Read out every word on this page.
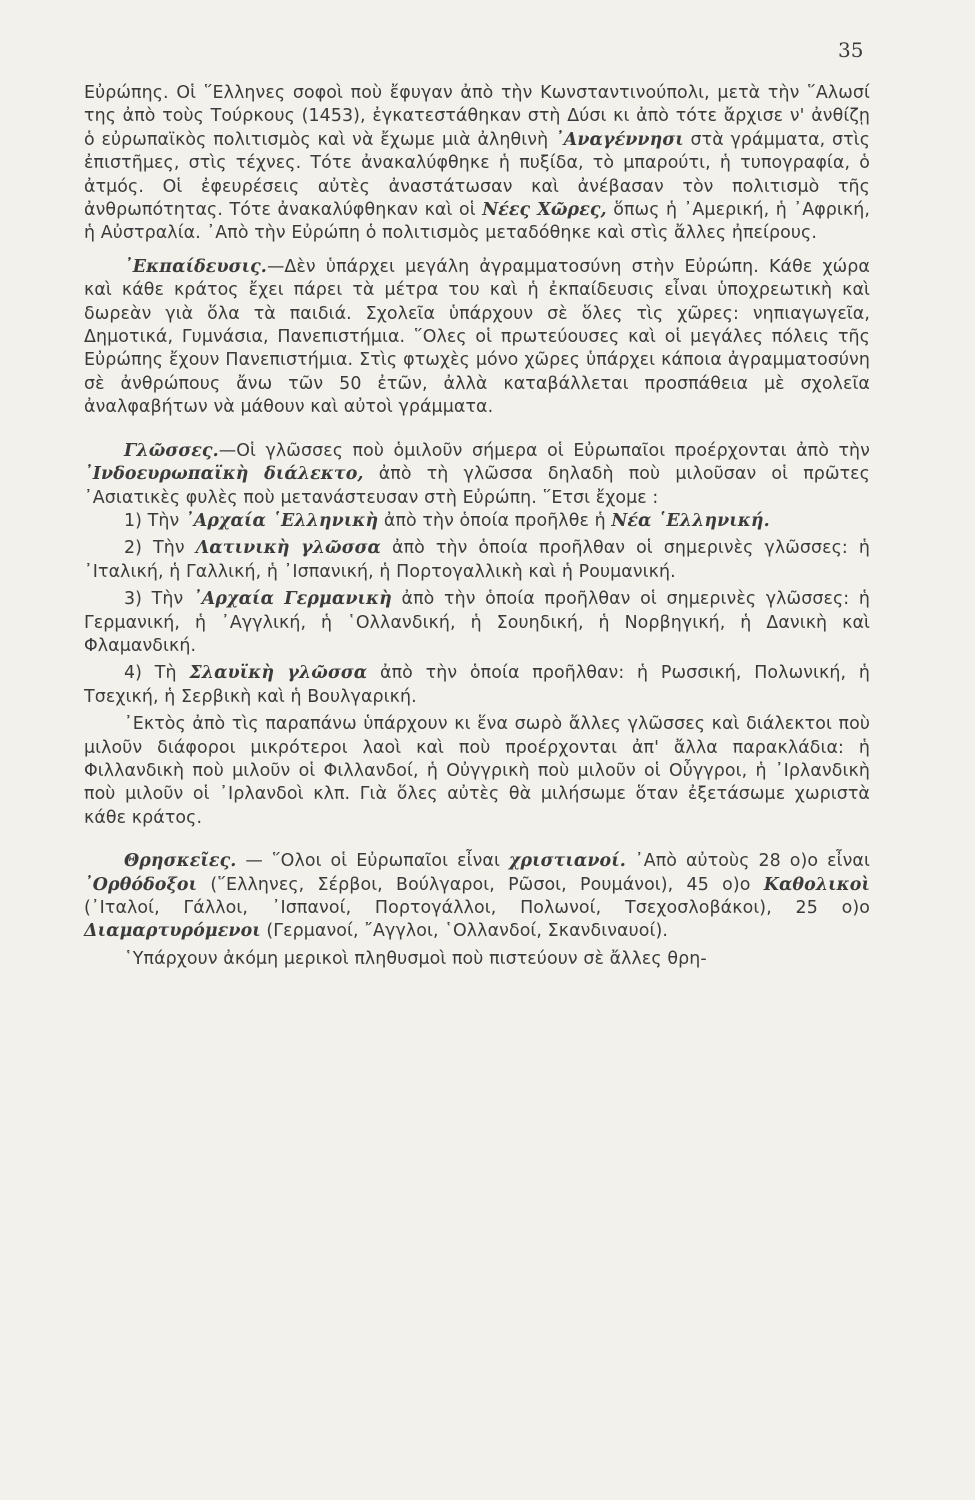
35

Εὐρώπης. Οἱ ῞Ελληνες σοφοὶ ποὺ ἔφυγαν ἀπὸ τὴν Κωνσταντινούπολι, μετὰ τὴν ῞Αλωσί της ἀπὸ τοὺς Τούρκους (1453), ἐγκατεστάθηκαν στὴ Δύσι κι ἀπὸ τότε ἄρχισε ν' ἀνθίζῃ ὁ εὐρωπαϊκὸς πολιτισμὸς καὶ νὰ ἔχωμε μιὰ ἀληθινὴ ᾽Αναγέννησι στὰ γράμματα, στὶς ἐπιστῆμες, στὶς τέχνες. Τότε ἀνακαλύφθηκε ἡ πυξίδα, τὸ μπαρούτι, ἡ τυπογραφία, ὁ ἀτμός. Οἱ ἐφευρέσεις αὐτὲς ἀναστάτωσαν καὶ ἀνέβασαν τὸν πολιτισμὸ τῆς ἀνθρωπότητας. Τότε ἀνακαλύφθηκαν καὶ οἱ Νέες Χῶρες, ὅπως ἡ ᾽Αμερική, ἡ ᾽Αφρική, ἡ Αὐστραλία. ᾽Απὸ τὴν Εὐρώπη ὁ πολιτισμὸς μεταδόθηκε καὶ στὶς ἄλλες ἠπείρους.

᾽Εκπαίδευσις.—Δὲν ὑπάρχει μεγάλη ἀγραμματοσύνη στὴν Εὐρώπη. Κάθε χώρα καὶ κάθε κράτος ἔχει πάρει τὰ μέτρα του καὶ ἡ ἐκπαίδευσις εἶναι ὑποχρεωτικὴ καὶ δωρεὰν γιὰ ὅλα τὰ παιδιά. Σχολεῖα ὑπάρχουν σὲ ὅλες τὶς χῶρες: νηπιαγωγεῖα, Δημοτικά, Γυμνάσια, Πανεπιστήμια. ῞Ολες οἱ πρωτεύουσες καὶ οἱ μεγάλες πόλεις τῆς Εὐρώπης ἔχουν Πανεπιστήμια. Στὶς φτωχὲς μόνο χῶρες ὑπάρχει κάποια ἀγραμματοσύνη σὲ ἀνθρώπους ἄνω τῶν 50 ἐτῶν, ἀλλὰ καταβάλλεται προσπάθεια μὲ σχολεῖα ἀναλφαβήτων νὰ μάθουν καὶ αὐτοὶ γράμματα.

Γλῶσσες.—Οἱ γλῶσσες ποὺ ὁμιλοῦν σήμερα οἱ Εὐρωπαῖοι προέρχονται ἀπὸ τὴν ᾽Ινδοευρωπαϊκὴ διάλεκτο, ἀπὸ τὴ γλῶσσα δηλαδὴ ποὺ μιλοῦσαν οἱ πρῶτες ᾽Ασιατικὲς φυλὲς ποὺ μετανάστευσαν στὴ Εὐρώπη. ῞Ετσι ἔχομε :

1) Τὴν ᾽Αρχαία ῾Ελληνικὴ ἀπὸ τὴν ὁποία προῆλθε ἡ Νέα ῾Ελληνική.

2) Τὴν Λατινικὴ γλῶσσα ἀπὸ τὴν ὁποία προῆλθαν οἱ σημερινὲς γλῶσσες: ἡ ᾽Ιταλική, ἡ Γαλλική, ἡ ᾽Ισπανική, ἡ Πορτογαλλικὴ καὶ ἡ Ρουμανική.

3) Τὴν ᾽Αρχαία Γερμανικὴ ἀπὸ τὴν ὁποία προῆλθαν οἱ σημερινὲς γλῶσσες: ἡ Γερμανική, ἡ ᾽Αγγλική, ἡ ῾Ολλανδική, ἡ Σουηδική, ἡ Νορβηγική, ἡ Δανικὴ καὶ Φλαμανδική.

4) Τὴ Σλαυϊκὴ γλῶσσα ἀπὸ τὴν ὁποία προῆλθαν: ἡ Ρωσσική, Πολωνική, ἡ Τσεχική, ἡ Σερβικὴ καὶ ἡ Βουλγαρική.

᾽Εκτὸς ἀπὸ τὶς παραπάνω ὑπάρχουν κι ἕνα σωρὸ ἄλλες γλῶσσες καὶ διάλεκτοι ποὺ μιλοῦν διάφοροι μικρότεροι λαοὶ καὶ ποὺ προέρχονται ἀπ' ἄλλα παρακλάδια: ἡ Φιλλανδικὴ ποὺ μιλοῦν οἱ Φιλλανδοί, ἡ Οὐγγρικὴ ποὺ μιλοῦν οἱ Οὖγγροι, ἡ ᾽Ιρλανδικὴ ποὺ μιλοῦν οἱ ᾽Ιρλανδοὶ κλπ. Γιὰ ὅλες αὐτὲς θὰ μιλήσωμε ὅταν ἐξετάσωμε χωριστὰ κάθε κράτος.

Θρησκεῖες. — ῞Ολοι οἱ Εὐρωπαῖοι εἶναι χριστιανοί. ᾽Απὸ αὐτοὺς 28 ο)ο εἶναι ᾽Ορθόδοξοι (῞Ελληνες, Σέρβοι, Βούλγαροι, Ρῶσοι, Ρουμάνοι), 45 ο)ο Καθολικοὶ (᾽Ιταλοί, Γάλλοι, ᾽Ισπανοί, Πορτογάλλοι, Πολωνοί, Τσεχοσλοβάκοι), 25 ο)ο Διαμαρτυρόμενοι (Γερμανοί, ῎Αγγλοι, ῾Ολλανδοί, Σκανδιναυοί).

῾Υπάρχουν ἀκόμη μερικοὶ πληθυσμοὶ ποὺ πιστεύουν σὲ ἄλλες θρη-
